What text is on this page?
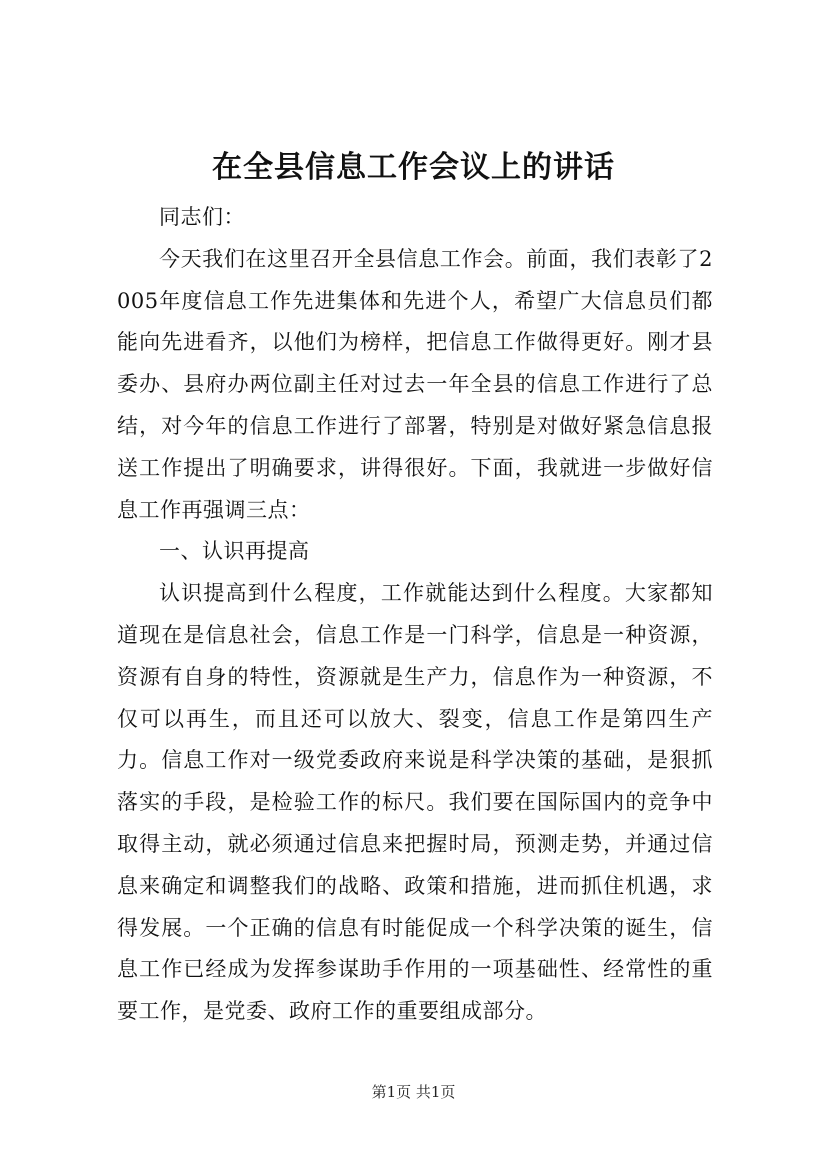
在全县信息工作会议上的讲话

同志们：

今天我们在这里召开全县信息工作会。前面，我们表彰了2005年度信息工作先进集体和先进个人，希望广大信息员们都能向先进看齐，以他们为榜样，把信息工作做得更好。刚才县委办、县府办两位副主任对过去一年全县的信息工作进行了总结，对今年的信息工作进行了部署，特别是对做好紧急信息报送工作提出了明确要求，讲得很好。下面，我就进一步做好信息工作再强调三点：

一、认识再提高

认识提高到什么程度，工作就能达到什么程度。大家都知道现在是信息社会，信息工作是一门科学，信息是一种资源，资源有自身的特性，资源就是生产力，信息作为一种资源，不仅可以再生，而且还可以放大、裂变，信息工作是第四生产力。信息工作对一级党委政府来说是科学决策的基础，是狠抓落实的手段，是检验工作的标尺。我们要在国际国内的竞争中取得主动，就必须通过信息来把握时局，预测走势，并通过信息来确定和调整我们的战略、政策和措施，进而抓住机遇，求得发展。一个正确的信息有时能促成一个科学决策的诞生，信息工作已经成为发挥参谋助手作用的一项基础性、经常性的重要工作，是党委、政府工作的重要组成部分。

第1页 共1页
